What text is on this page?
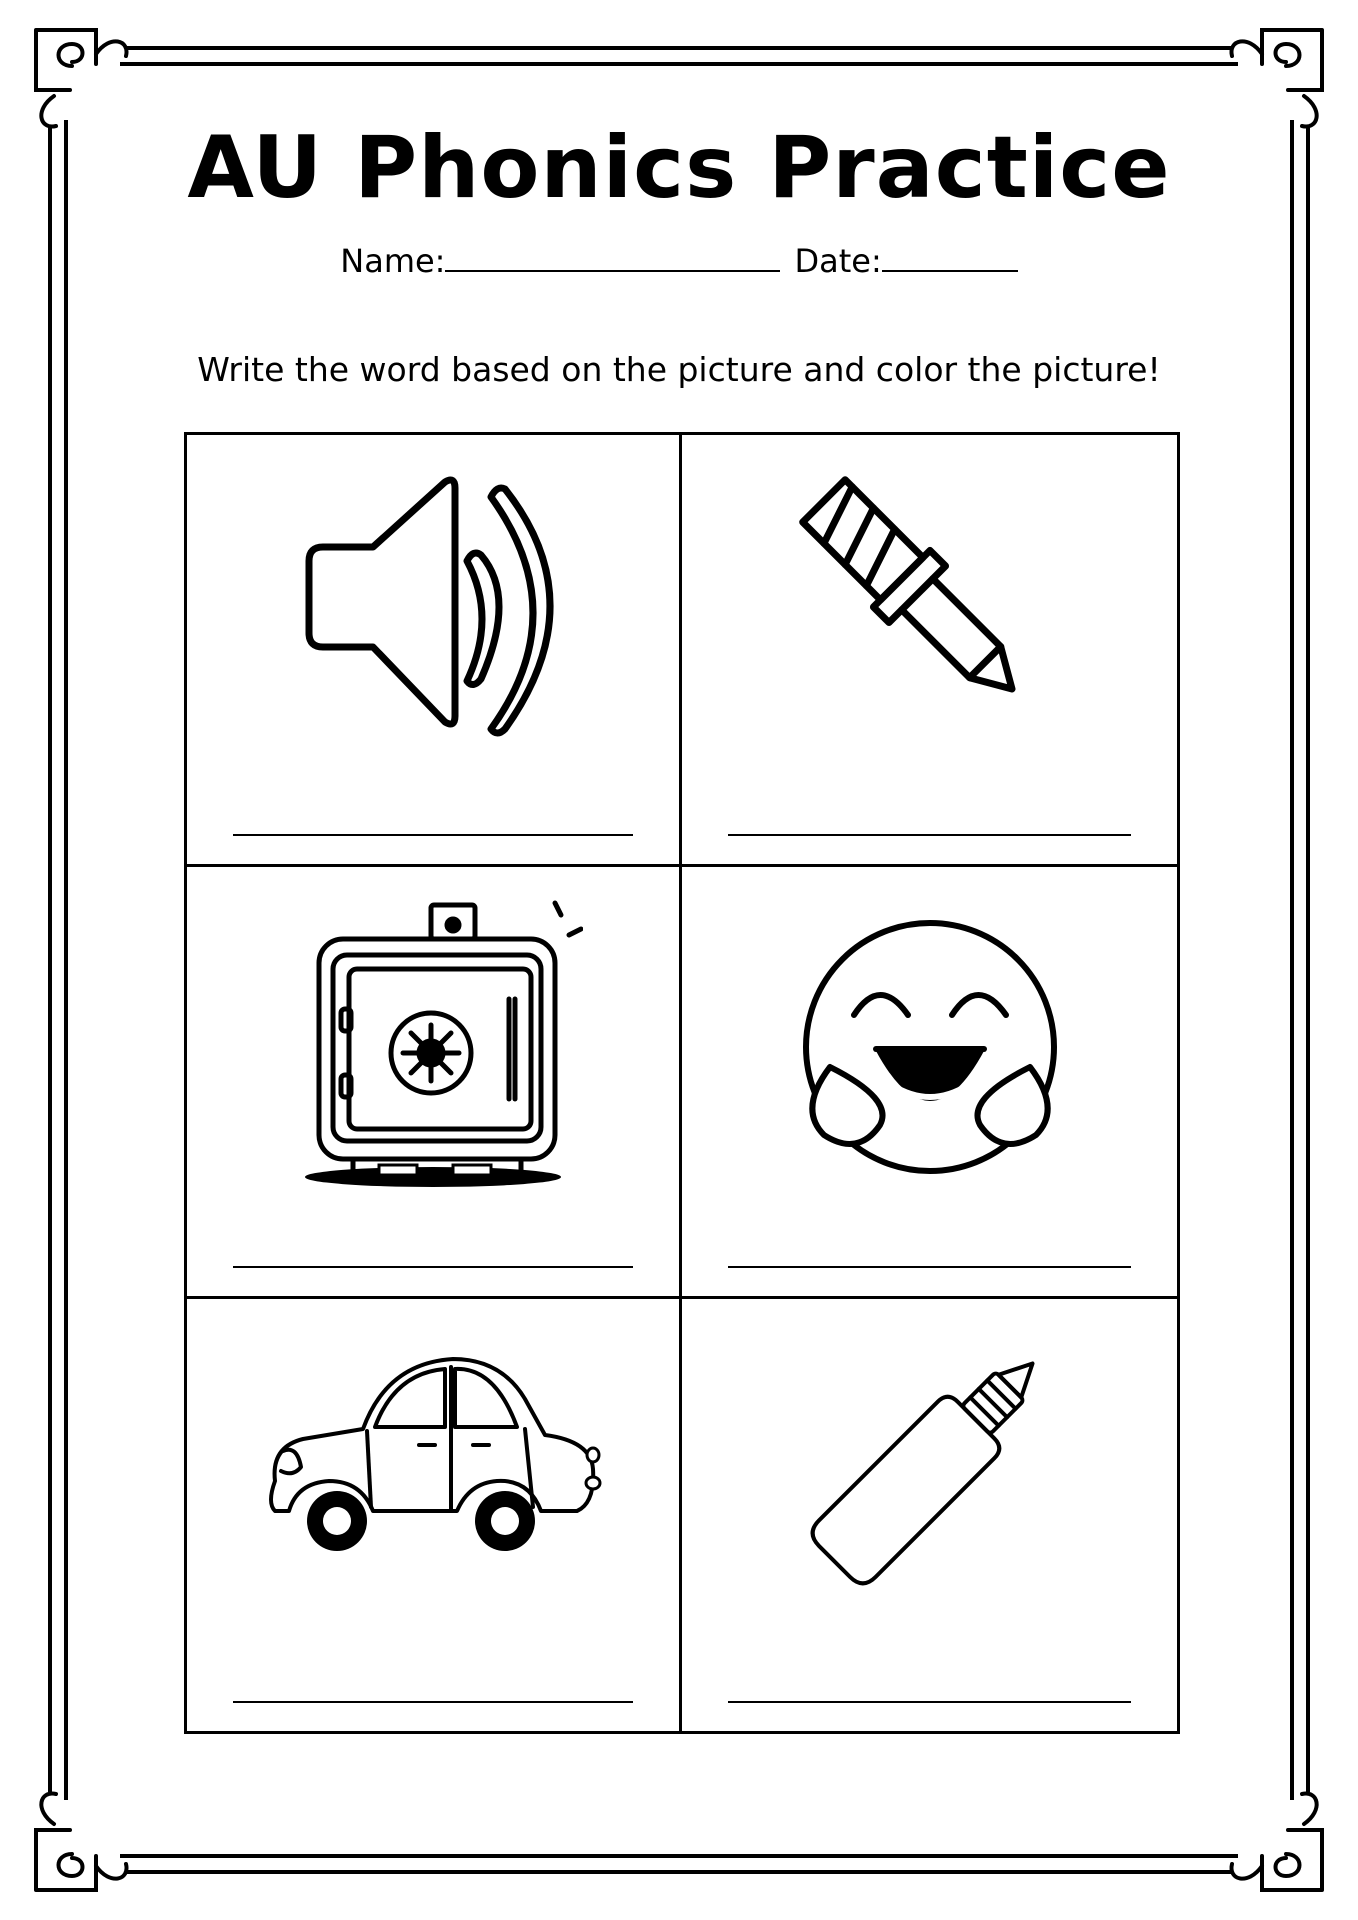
AU Phonics Practice
Name:	Date:

Write the word based on the picture and color the picture!
